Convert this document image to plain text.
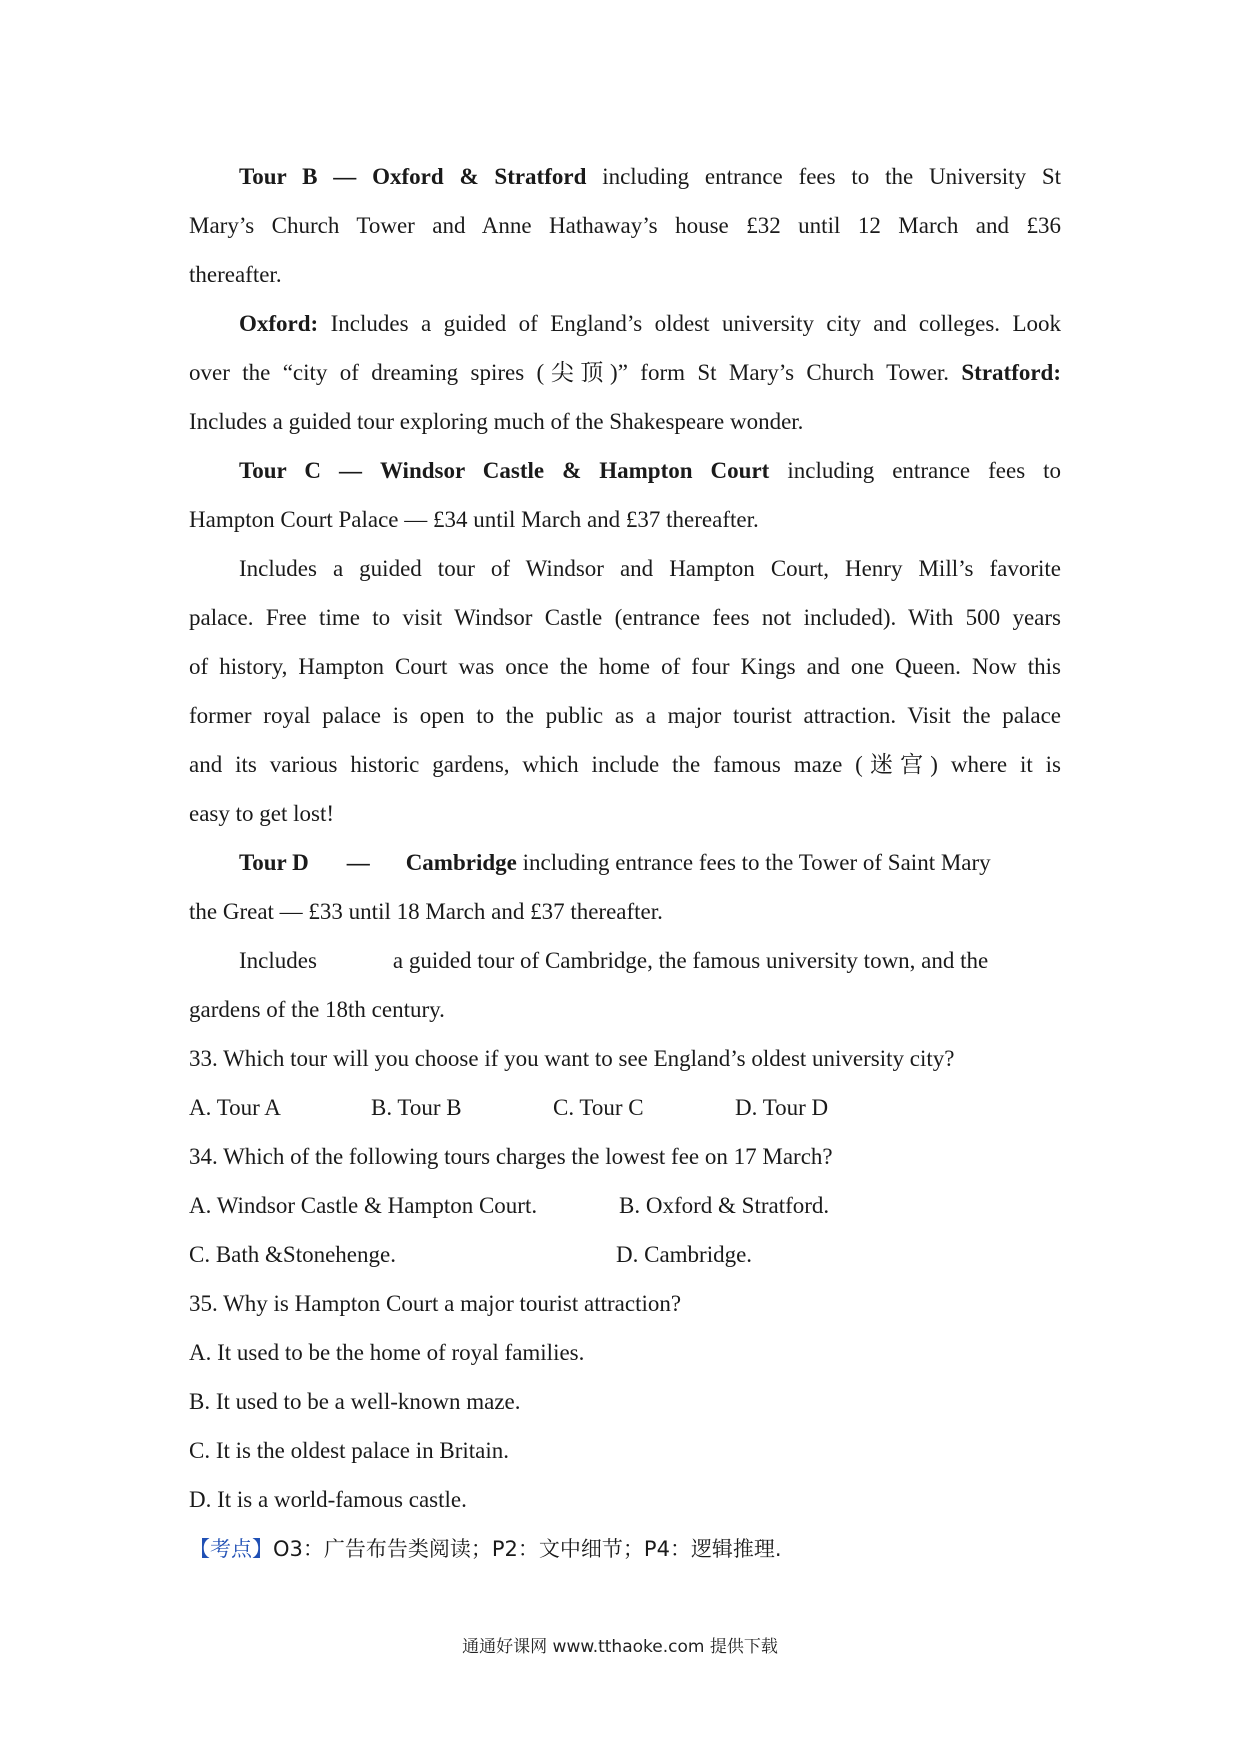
Tour B — Oxford & Stratford including entrance fees to the University St
Mary’s Church Tower and Anne Hathaway’s house £32 until 12 March and £36
thereafter.
Oxford: Includes a guided of England’s oldest university city and colleges. Look
over the “city of dreaming spires (尖顶)” form St Mary’s Church Tower. Stratford:
Includes a guided tour exploring much of the Shakespeare wonder.
Tour C — Windsor Castle & Hampton Court including entrance fees to
Hampton Court Palace — £34 until March and £37 thereafter.
Includes a guided tour of Windsor and Hampton Court, Henry Mill’s favorite
palace. Free time to visit Windsor Castle (entrance fees not included). With 500 years
of history, Hampton Court was once the home of four Kings and one Queen. Now this
former royal palace is open to the public as a major tourist attraction. Visit the palace
and its various historic gardens, which include the famous maze (迷宫) where it is
easy to get lost!
Tour D — Cambridge including entrance fees to the Tower of Saint Mary
the Great — £33 until 18 March and £37 thereafter.
Includes	a guided tour of Cambridge, the famous university town, and the
gardens of the 18th century.
33. Which tour will you choose if you want to see England’s oldest university city?
A. Tour A	B. Tour B	C. Tour C	D. Tour D
34. Which of the following tours charges the lowest fee on 17 March?
A. Windsor Castle & Hampton Court.	B. Oxford & Stratford.
C. Bath &Stonehenge.	D. Cambridge.
35. Why is Hampton Court a major tourist attraction?
A. It used to be the home of royal families.
B. It used to be a well-known maze.
C. It is the oldest palace in Britain.
D. It is a world-famous castle.
【考点】O3：广告布告类阅读；P2：文中细节；P4：逻辑推理.
通通好课网 www.tthaoke.com 提供下载
